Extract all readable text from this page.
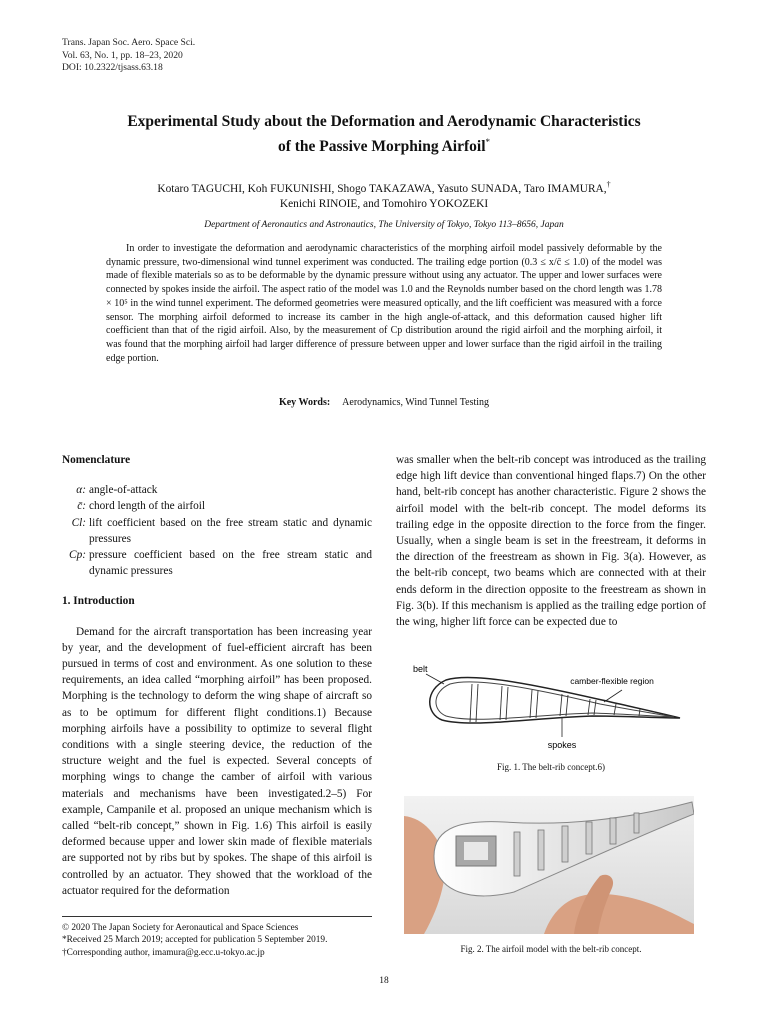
Trans. Japan Soc. Aero. Space Sci.
Vol. 63, No. 1, pp. 18–23, 2020
DOI: 10.2322/tjsass.63.18
Experimental Study about the Deformation and Aerodynamic Characteristics
of the Passive Morphing Airfoil*
Kotaro TAGUCHI, Koh FUKUNISHI, Shogo TAKAZAWA, Yasuto SUNADA, Taro IMAMURA,†
Kenichi RINOIE, and Tomohiro YOKOZEKI
Department of Aeronautics and Astronautics, The University of Tokyo, Tokyo 113–8656, Japan
In order to investigate the deformation and aerodynamic characteristics of the morphing airfoil model passively deformable by the dynamic pressure, two-dimensional wind tunnel experiment was conducted. The trailing edge portion (0.3 ≤ x/c̄ ≤ 1.0) of the model was made of flexible materials so as to be deformable by the dynamic pressure without using any actuator. The upper and lower surfaces were connected by spokes inside the airfoil. The aspect ratio of the model was 1.0 and the Reynolds number based on the chord length was 1.78 × 10⁵ in the wind tunnel experiment. The deformed geometries were measured optically, and the lift coefficient was measured with a force sensor. The morphing airfoil deformed to increase its camber in the high angle-of-attack, and this deformation caused higher lift coefficient than that of the rigid airfoil. Also, by the measurement of Cp distribution around the rigid airfoil and the morphing airfoil, it was found that the morphing airfoil had larger difference of pressure between upper and lower surface than the rigid airfoil in the trailing edge portion.
Key Words: Aerodynamics, Wind Tunnel Testing
Nomenclature
α: angle-of-attack
c̄: chord length of the airfoil
Cl: lift coefficient based on the free stream static and dynamic pressures
Cp: pressure coefficient based on the free stream static and dynamic pressures
1. Introduction
Demand for the aircraft transportation has been increasing year by year, and the development of fuel-efficient aircraft has been pursued in terms of cost and environment. As one solution to these requirements, an idea called “morphing airfoil” has been proposed. Morphing is the technology to deform the wing shape of aircraft so as to be optimum for different flight conditions.1) Because morphing airfoils have a possibility to optimize to several flight conditions with a single steering device, the reduction of the structure weight and the fuel is expected. Several concepts of morphing wings to change the camber of airfoil with various materials and mechanisms have been investigated.2–5) For example, Campanile et al. proposed an unique mechanism which is called “belt-rib concept,” shown in Fig. 1.6) This airfoil is easily deformed because upper and lower skin made of flexible materials are supported not by ribs but by spokes. The shape of this airfoil is controlled by an actuator. They showed that the workload of the actuator required for the deformation
was smaller when the belt-rib concept was introduced as the trailing edge high lift device than conventional hinged flaps.7) On the other hand, belt-rib concept has another characteristic. Figure 2 shows the airfoil model with the belt-rib concept. The model deforms its trailing edge in the opposite direction to the force from the finger. Usually, when a single beam is set in the freestream, it deforms in the direction of the freestream as shown in Fig. 3(a). However, as the belt-rib concept, two beams which are connected with at their ends deform in the direction opposite to the freestream as shown in Fig. 3(b). If this mechanism is applied as the trailing edge portion of the wing, higher lift force can be expected due to
belt
camber-flexible region
spokes
Fig. 1. The belt-rib concept.6)
Fig. 2. The airfoil model with the belt-rib concept.
© 2020 The Japan Society for Aeronautical and Space Sciences
*Received 25 March 2019; accepted for publication 5 September 2019.
†Corresponding author, imamura@g.ecc.u-tokyo.ac.jp
18
